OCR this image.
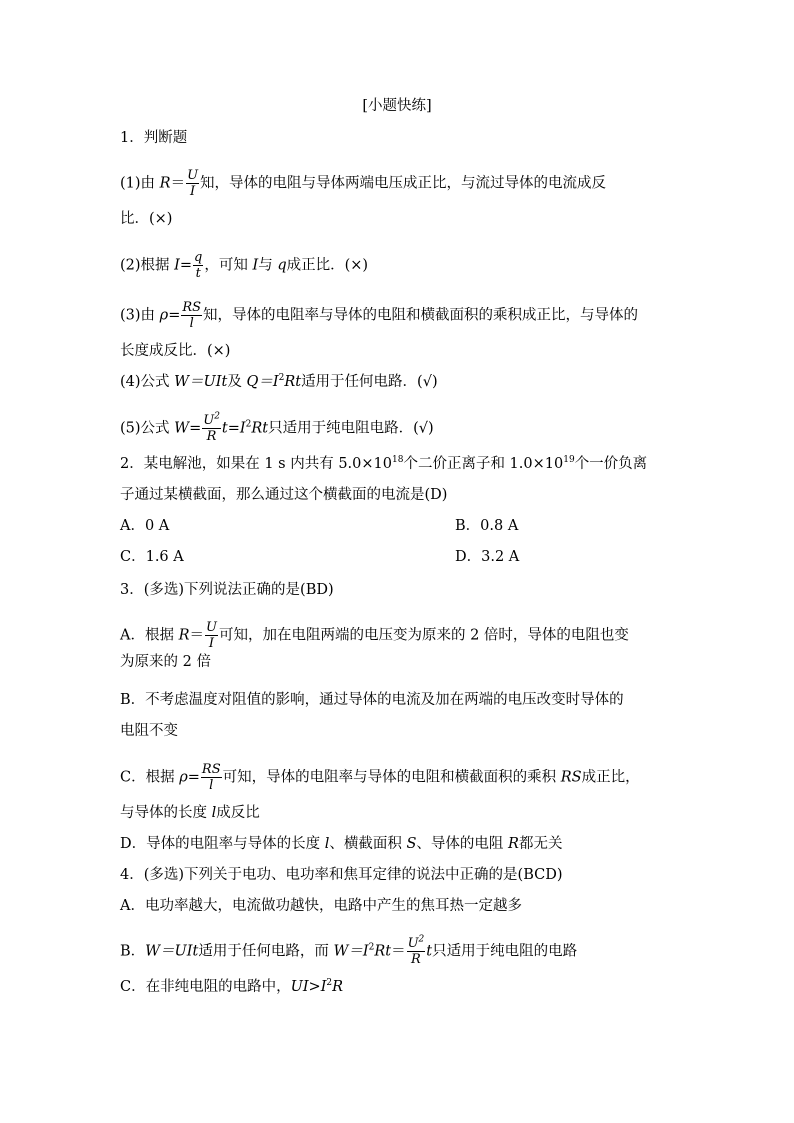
[小题快练]
1．判断题
(1)由 $R= \frac{U}{I}$ 知，导体的电阻与导体两端电压成正比，与流过导体的电流成反
比．(×)
(2)根据 $I= \frac{q}{t}$ ，可知 I与 q成正比．(×)
(3)由 $\rho= \frac{RS}{l}$ 知，导体的电阻率与导体的电阻和横截面积的乘积成正比，与导体的
长度成反比．(×)
(4)公式 W＝UIt及 $Q=I^2Rt$适用于任何电路．(√)
(5)公式 $W= \frac{U^2}{R} t=I^2Rt$只适用于纯电阻电路．(√)
2．某电解池，如果在 1 s 内共有 $5.0\times 10^{18}$个二价正离子和 $1.0\times 10^{19}$个一价负离
子通过某横截面，那么通过这个横截面的电流是(D)
A．0 A	B．0.8 A
C．1.6 A	D．3.2 A
3．(多选)下列说法正确的是(BD)
A．根据 $R= \frac{U}{I}$ 可知，加在电阻两端的电压变为原来的 2 倍时，导体的电阻也变
为原来的 2 倍
B．不考虑温度对阻值的影响，通过导体的电流及加在两端的电压改变时导体的
电阻不变
C．根据 $\rho= \frac{RS}{l}$ 可知，导体的电阻率与导体的电阻和横截面积的乘积 RS成正比，
与导体的长度 l成反比
D．导体的电阻率与导体的长度 l、横截面积 S、导体的电阻 R都无关
4．(多选)下列关于电功、电功率和焦耳定律的说法中正确的是(BCD)
A．电功率越大，电流做功越快，电路中产生的焦耳热一定越多
B．W＝UIt适用于任何电路，而 $W=I^2Rt= \frac{U^2}{R}$ t只适用于纯电阻的电路
C．在非纯电阻的电路中，$UI>I^2R$
